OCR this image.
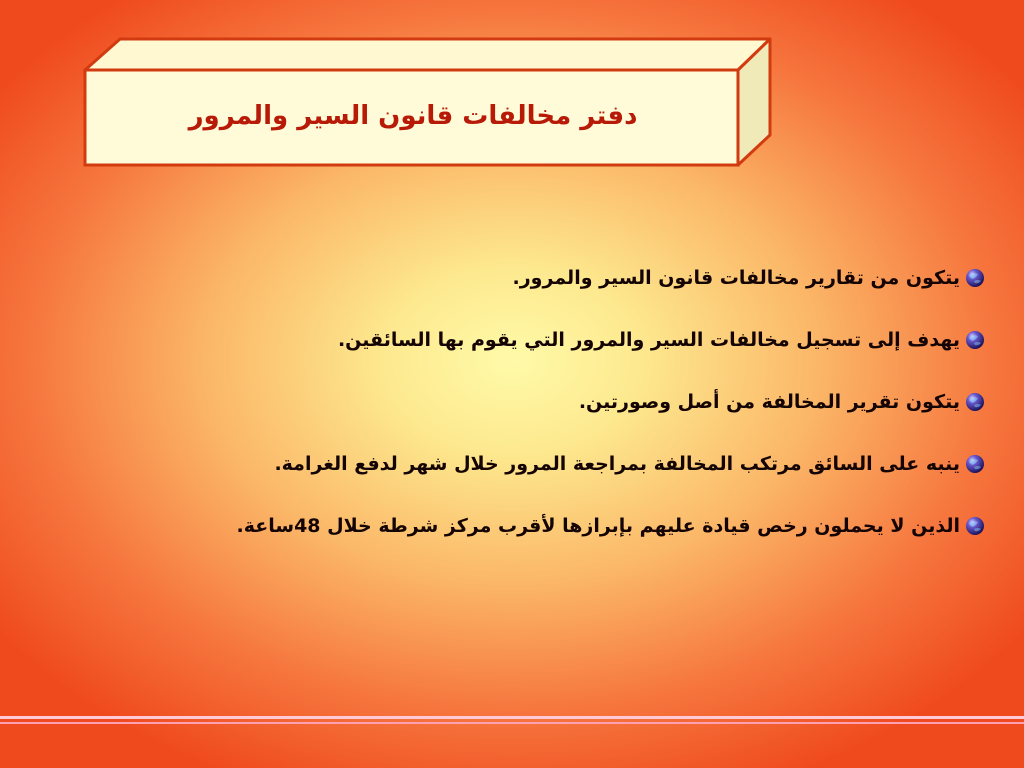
دفتر مخالفات قانون السير والمرور
يتكون من تقارير مخالفات قانون السير والمرور.
يهدف إلى تسجيل مخالفات السير والمرور التي يقوم بها السائقين.
يتكون تقرير المخالفة من أصل وصورتين.
ينبه على السائق مرتكب المخالفة بمراجعة المرور خلال شهر لدفع الغرامة.
الذين لا يحملون رخص قيادة عليهم بإبرازها لأقرب مركز شرطة خلال 48ساعة.
